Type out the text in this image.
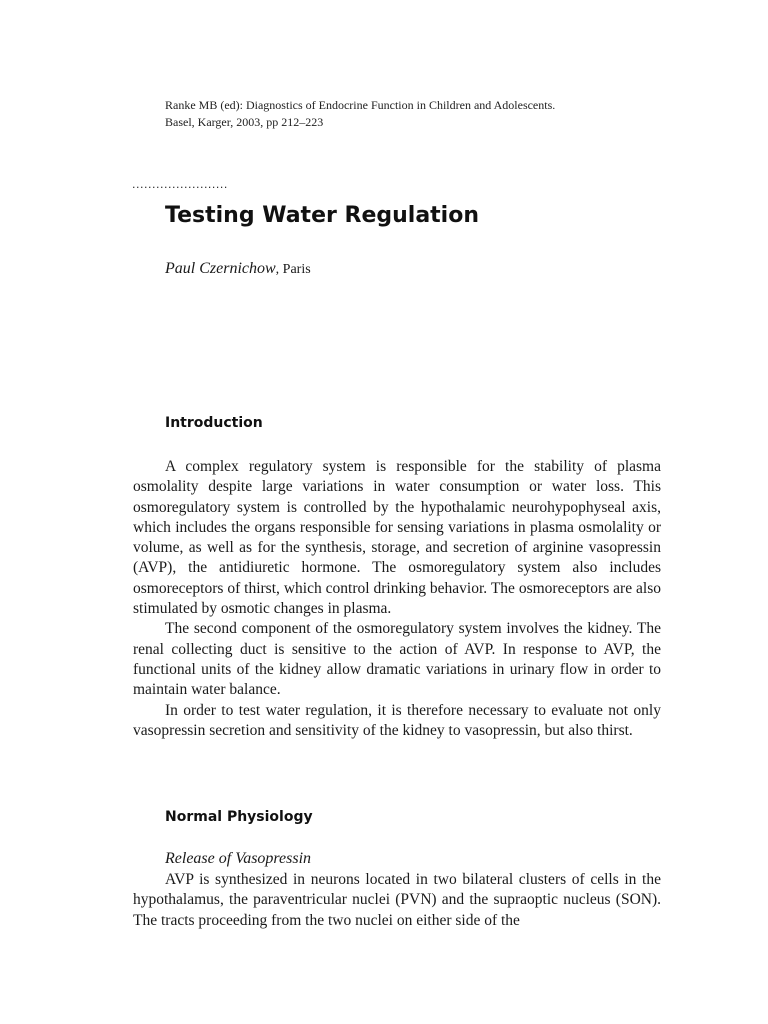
Ranke MB (ed): Diagnostics of Endocrine Function in Children and Adolescents.
Basel, Karger, 2003, pp 212–223
........................
Testing Water Regulation
Paul Czernichow, Paris
Introduction

A complex regulatory system is responsible for the stability of plasma osmolality despite large variations in water consumption or water loss. This osmoregulatory system is controlled by the hypothalamic neurohypophyseal axis, which includes the organs responsible for sensing variations in plasma osmolality or volume, as well as for the synthesis, storage, and secretion of arginine vasopressin (AVP), the antidiuretic hormone. The osmoregulatory system also includes osmoreceptors of thirst, which control drinking behavior. The osmoreceptors are also stimulated by osmotic changes in plasma.

The second component of the osmoregulatory system involves the kidney. The renal collecting duct is sensitive to the action of AVP. In response to AVP, the functional units of the kidney allow dramatic variations in urinary flow in order to maintain water balance.

In order to test water regulation, it is therefore necessary to evaluate not only vasopressin secretion and sensitivity of the kidney to vasopressin, but also thirst.

Normal Physiology
Release of Vasopressin

AVP is synthesized in neurons located in two bilateral clusters of cells in the hypothalamus, the paraventricular nuclei (PVN) and the supraoptic nucleus (SON). The tracts proceeding from the two nuclei on either side of the
